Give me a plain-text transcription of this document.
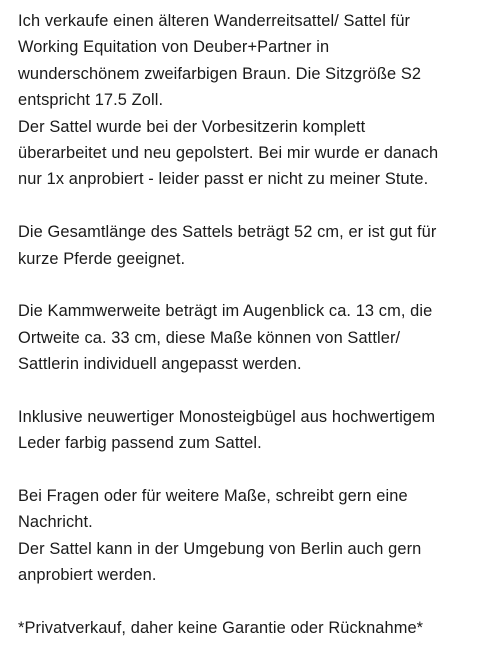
Ich verkaufe einen älteren Wanderreitsattel/ Sattel für
Working Equitation von Deuber+Partner in
wunderschönem zweifarbigen Braun. Die Sitzgröße S2
entspricht 17.5 Zoll.
Der Sattel wurde bei der Vorbesitzerin komplett
überarbeitet und neu gepolstert. Bei mir wurde er danach
nur 1x anprobiert - leider passt er nicht zu meiner Stute.
Die Gesamtlänge des Sattels beträgt 52 cm, er ist gut für
kurze Pferde geeignet.
Die Kammwerweite beträgt im Augenblick ca. 13 cm, die
Ortweite ca. 33 cm, diese Maße können von Sattler/
Sattlerin individuell angepasst werden.
Inklusive neuwertiger Monosteigbügel aus hochwertigem
Leder farbig passend zum Sattel.
Bei Fragen oder für weitere Maße, schreibt gern eine
Nachricht.
Der Sattel kann in der Umgebung von Berlin auch gern
anprobiert werden.
*Privatverkauf, daher keine Garantie oder Rücknahme*
